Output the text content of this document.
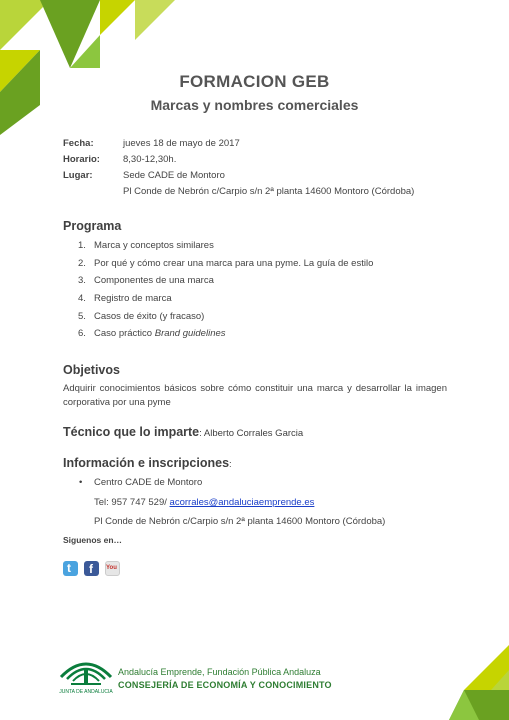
FORMACION GEB
Marcas y nombres comerciales
Fecha:	jueves 18 de mayo de 2017
Horario: 8,30-12,30h.
Lugar:	Sede CADE de Montoro
Pl Conde de Nebrón c/Carpio s/n 2ª planta 14600 Montoro (Córdoba)
Programa
1. Marca y conceptos similares
2. Por qué y cómo crear una marca para una pyme. La guía de estilo
3. Componentes de una marca
4. Registro de marca
5. Casos de éxito (y fracaso)
6. Caso práctico Brand guidelines
Objetivos
Adquirir conocimientos básicos sobre cómo constituir una marca y desarrollar la imagen corporativa por una pyme
Técnico que lo imparte: Alberto Corrales Garcia
Información e inscripciones:
• Centro CADE de Montoro
Tel: 957 747 529/ acorrales@andaluciaemprende.es
Pl Conde de Nebrón c/Carpio s/n 2ª planta 14600 Montoro (Córdoba)
Siguenos en…
t f You
JUNTA DE ANDALUCIA
Andalucía Emprende, Fundación Pública Andaluza
CONSEJERÍA DE ECONOMÍA Y CONOCIMIENTO
